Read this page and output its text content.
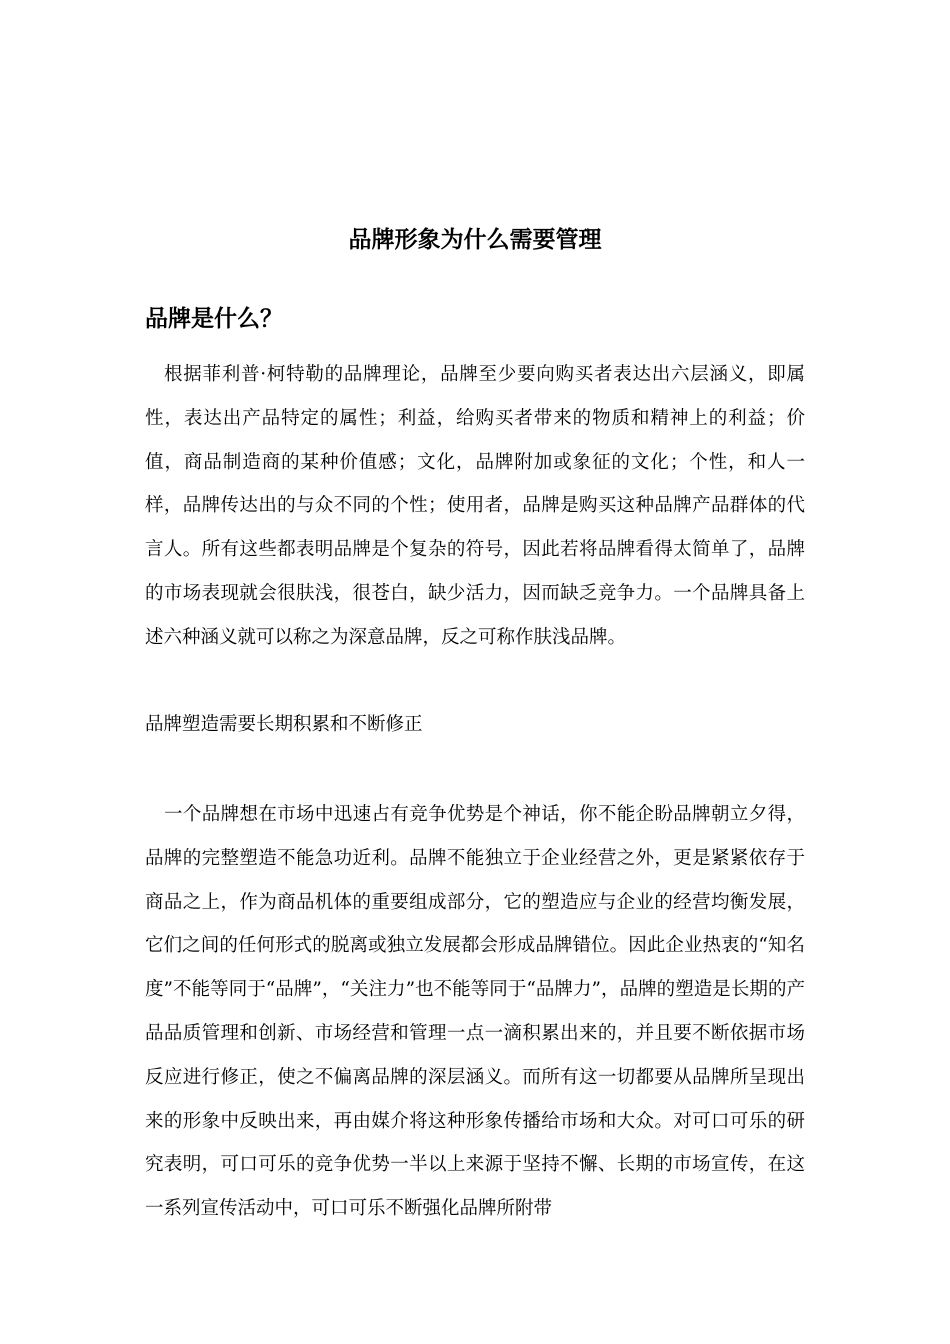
品牌形象为什么需要管理
品牌是什么？

根据菲利普·柯特勒的品牌理论，品牌至少要向购买者表达出六层涵义，即属性，表达出产品特定的属性；利益，给购买者带来的物质和精神上的利益；价值，商品制造商的某种价值感；文化，品牌附加或象征的文化；个性，和人一样，品牌传达出的与众不同的个性；使用者，品牌是购买这种品牌产品群体的代言人。所有这些都表明品牌是个复杂的符号，因此若将品牌看得太简单了，品牌的市场表现就会很肤浅，很苍白，缺少活力，因而缺乏竞争力。一个品牌具备上述六种涵义就可以称之为深意品牌，反之可称作肤浅品牌。

品牌塑造需要长期积累和不断修正

一个品牌想在市场中迅速占有竞争优势是个神话，你不能企盼品牌朝立夕得，品牌的完整塑造不能急功近利。品牌不能独立于企业经营之外，更是紧紧依存于商品之上，作为商品机体的重要组成部分，它的塑造应与企业的经营均衡发展，它们之间的任何形式的脱离或独立发展都会形成品牌错位。因此企业热衷的“知名度”不能等同于“品牌”，“关注力”也不能等同于“品牌力”，品牌的塑造是长期的产品品质管理和创新、市场经营和管理一点一滴积累出来的，并且要不断依据市场反应进行修正，使之不偏离品牌的深层涵义。而所有这一切都要从品牌所呈现出来的形象中反映出来，再由媒介将这种形象传播给市场和大众。对可口可乐的研究表明，可口可乐的竞争优势一半以上来源于坚持不懈、长期的市场宣传，在这一系列宣传活动中，可口可乐不断强化品牌所附带
